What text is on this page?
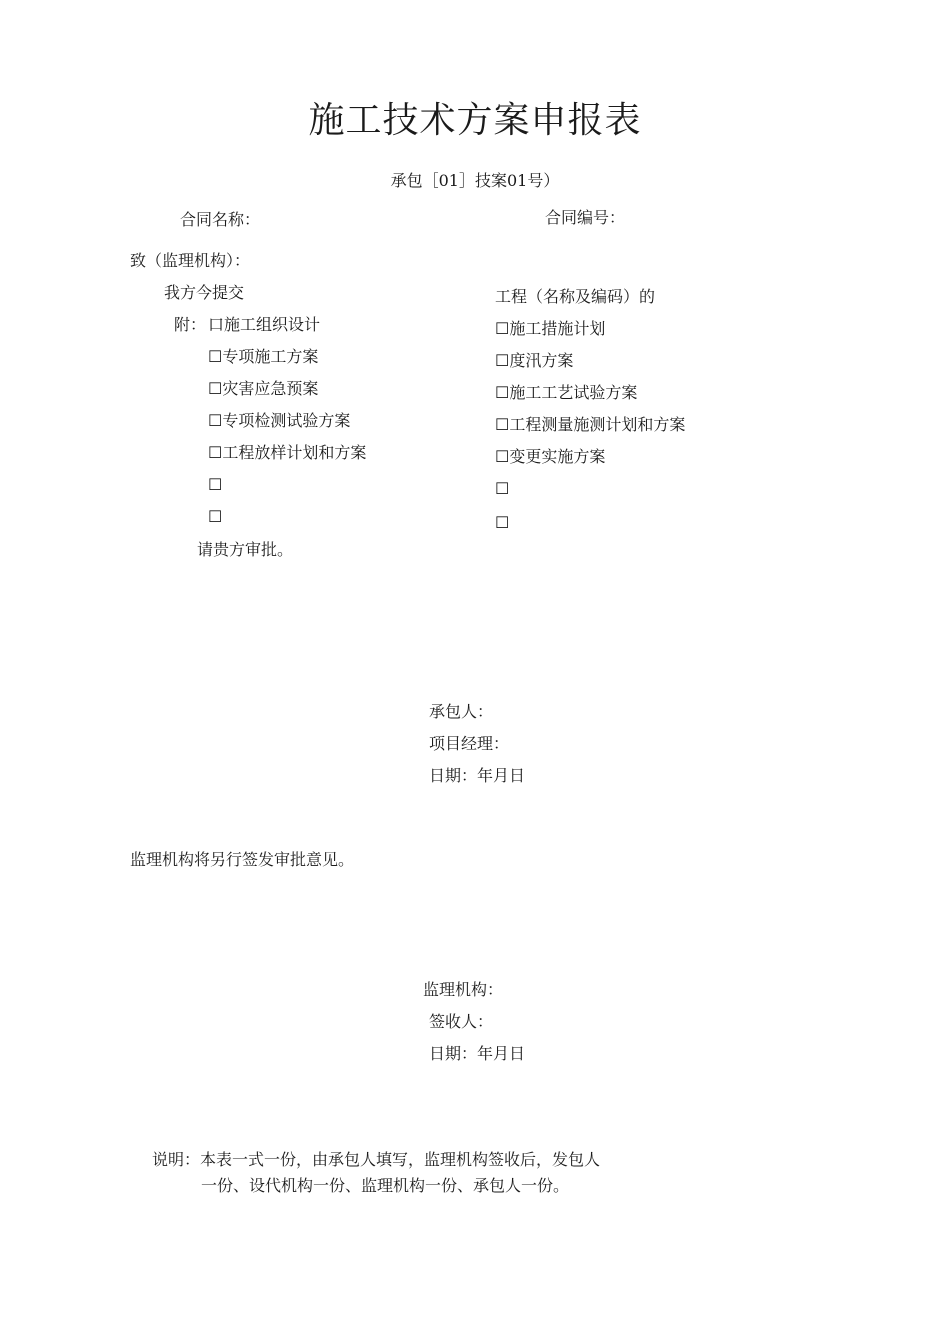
施工技术方案申报表
承包［01］技案01号）
合同名称：	合同编号：
致（监理机构）：
我方今提交	工程（名称及编码）的
附： 口施工组织设计
☐专项施工方案
☐灾害应急预案
☐专项检测试验方案
☐工程放样计划和方案
☐
☐
☐施工措施计划
☐度汛方案
☐施工工艺试验方案
☐工程测量施测计划和方案
☐变更实施方案
☐
☐
请贵方审批。
承包人：
项目经理：
日期：年月日
监理机构将另行签发审批意见。
监理机构：
签收人：
日期：年月日
说明：本表一式一份，由承包人填写，监理机构签收后，发包人
一份、设代机构一份、监理机构一份、承包人一份。
